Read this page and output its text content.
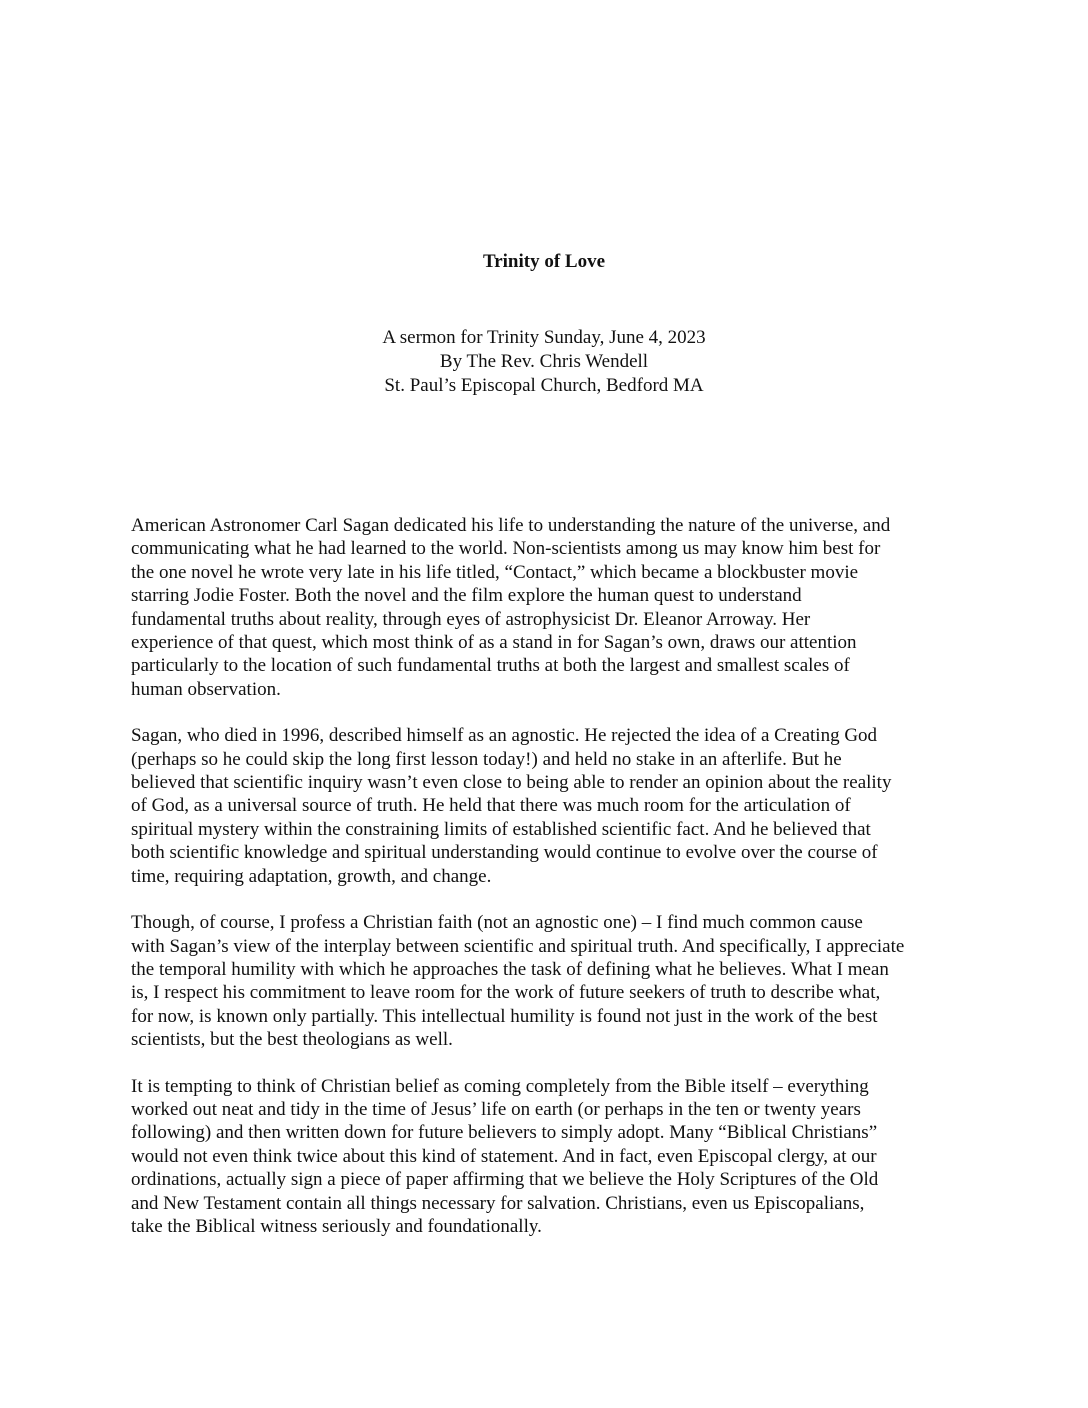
Trinity of Love
A sermon for Trinity Sunday, June 4, 2023
By The Rev. Chris Wendell
St. Paul’s Episcopal Church, Bedford MA

American Astronomer Carl Sagan dedicated his life to understanding the nature of the universe, and
communicating what he had learned to the world. Non-scientists among us may know him best for
the one novel he wrote very late in his life titled, “Contact,” which became a blockbuster movie
starring Jodie Foster. Both the novel and the film explore the human quest to understand
fundamental truths about reality, through eyes of astrophysicist Dr. Eleanor Arroway. Her
experience of that quest, which most think of as a stand in for Sagan’s own, draws our attention
particularly to the location of such fundamental truths at both the largest and smallest scales of
human observation.

Sagan, who died in 1996, described himself as an agnostic. He rejected the idea of a Creating God
(perhaps so he could skip the long first lesson today!) and held no stake in an afterlife. But he
believed that scientific inquiry wasn’t even close to being able to render an opinion about the reality
of God, as a universal source of truth. He held that there was much room for the articulation of
spiritual mystery within the constraining limits of established scientific fact. And he believed that
both scientific knowledge and spiritual understanding would continue to evolve over the course of
time, requiring adaptation, growth, and change.

Though, of course, I profess a Christian faith (not an agnostic one) – I find much common cause
with Sagan’s view of the interplay between scientific and spiritual truth. And specifically, I appreciate
the temporal humility with which he approaches the task of defining what he believes. What I mean
is, I respect his commitment to leave room for the work of future seekers of truth to describe what,
for now, is known only partially. This intellectual humility is found not just in the work of the best
scientists, but the best theologians as well.

It is tempting to think of Christian belief as coming completely from the Bible itself – everything
worked out neat and tidy in the time of Jesus’ life on earth (or perhaps in the ten or twenty years
following) and then written down for future believers to simply adopt. Many “Biblical Christians”
would not even think twice about this kind of statement. And in fact, even Episcopal clergy, at our
ordinations, actually sign a piece of paper affirming that we believe the Holy Scriptures of the Old
and New Testament contain all things necessary for salvation. Christians, even us Episcopalians,
take the Biblical witness seriously and foundationally.
